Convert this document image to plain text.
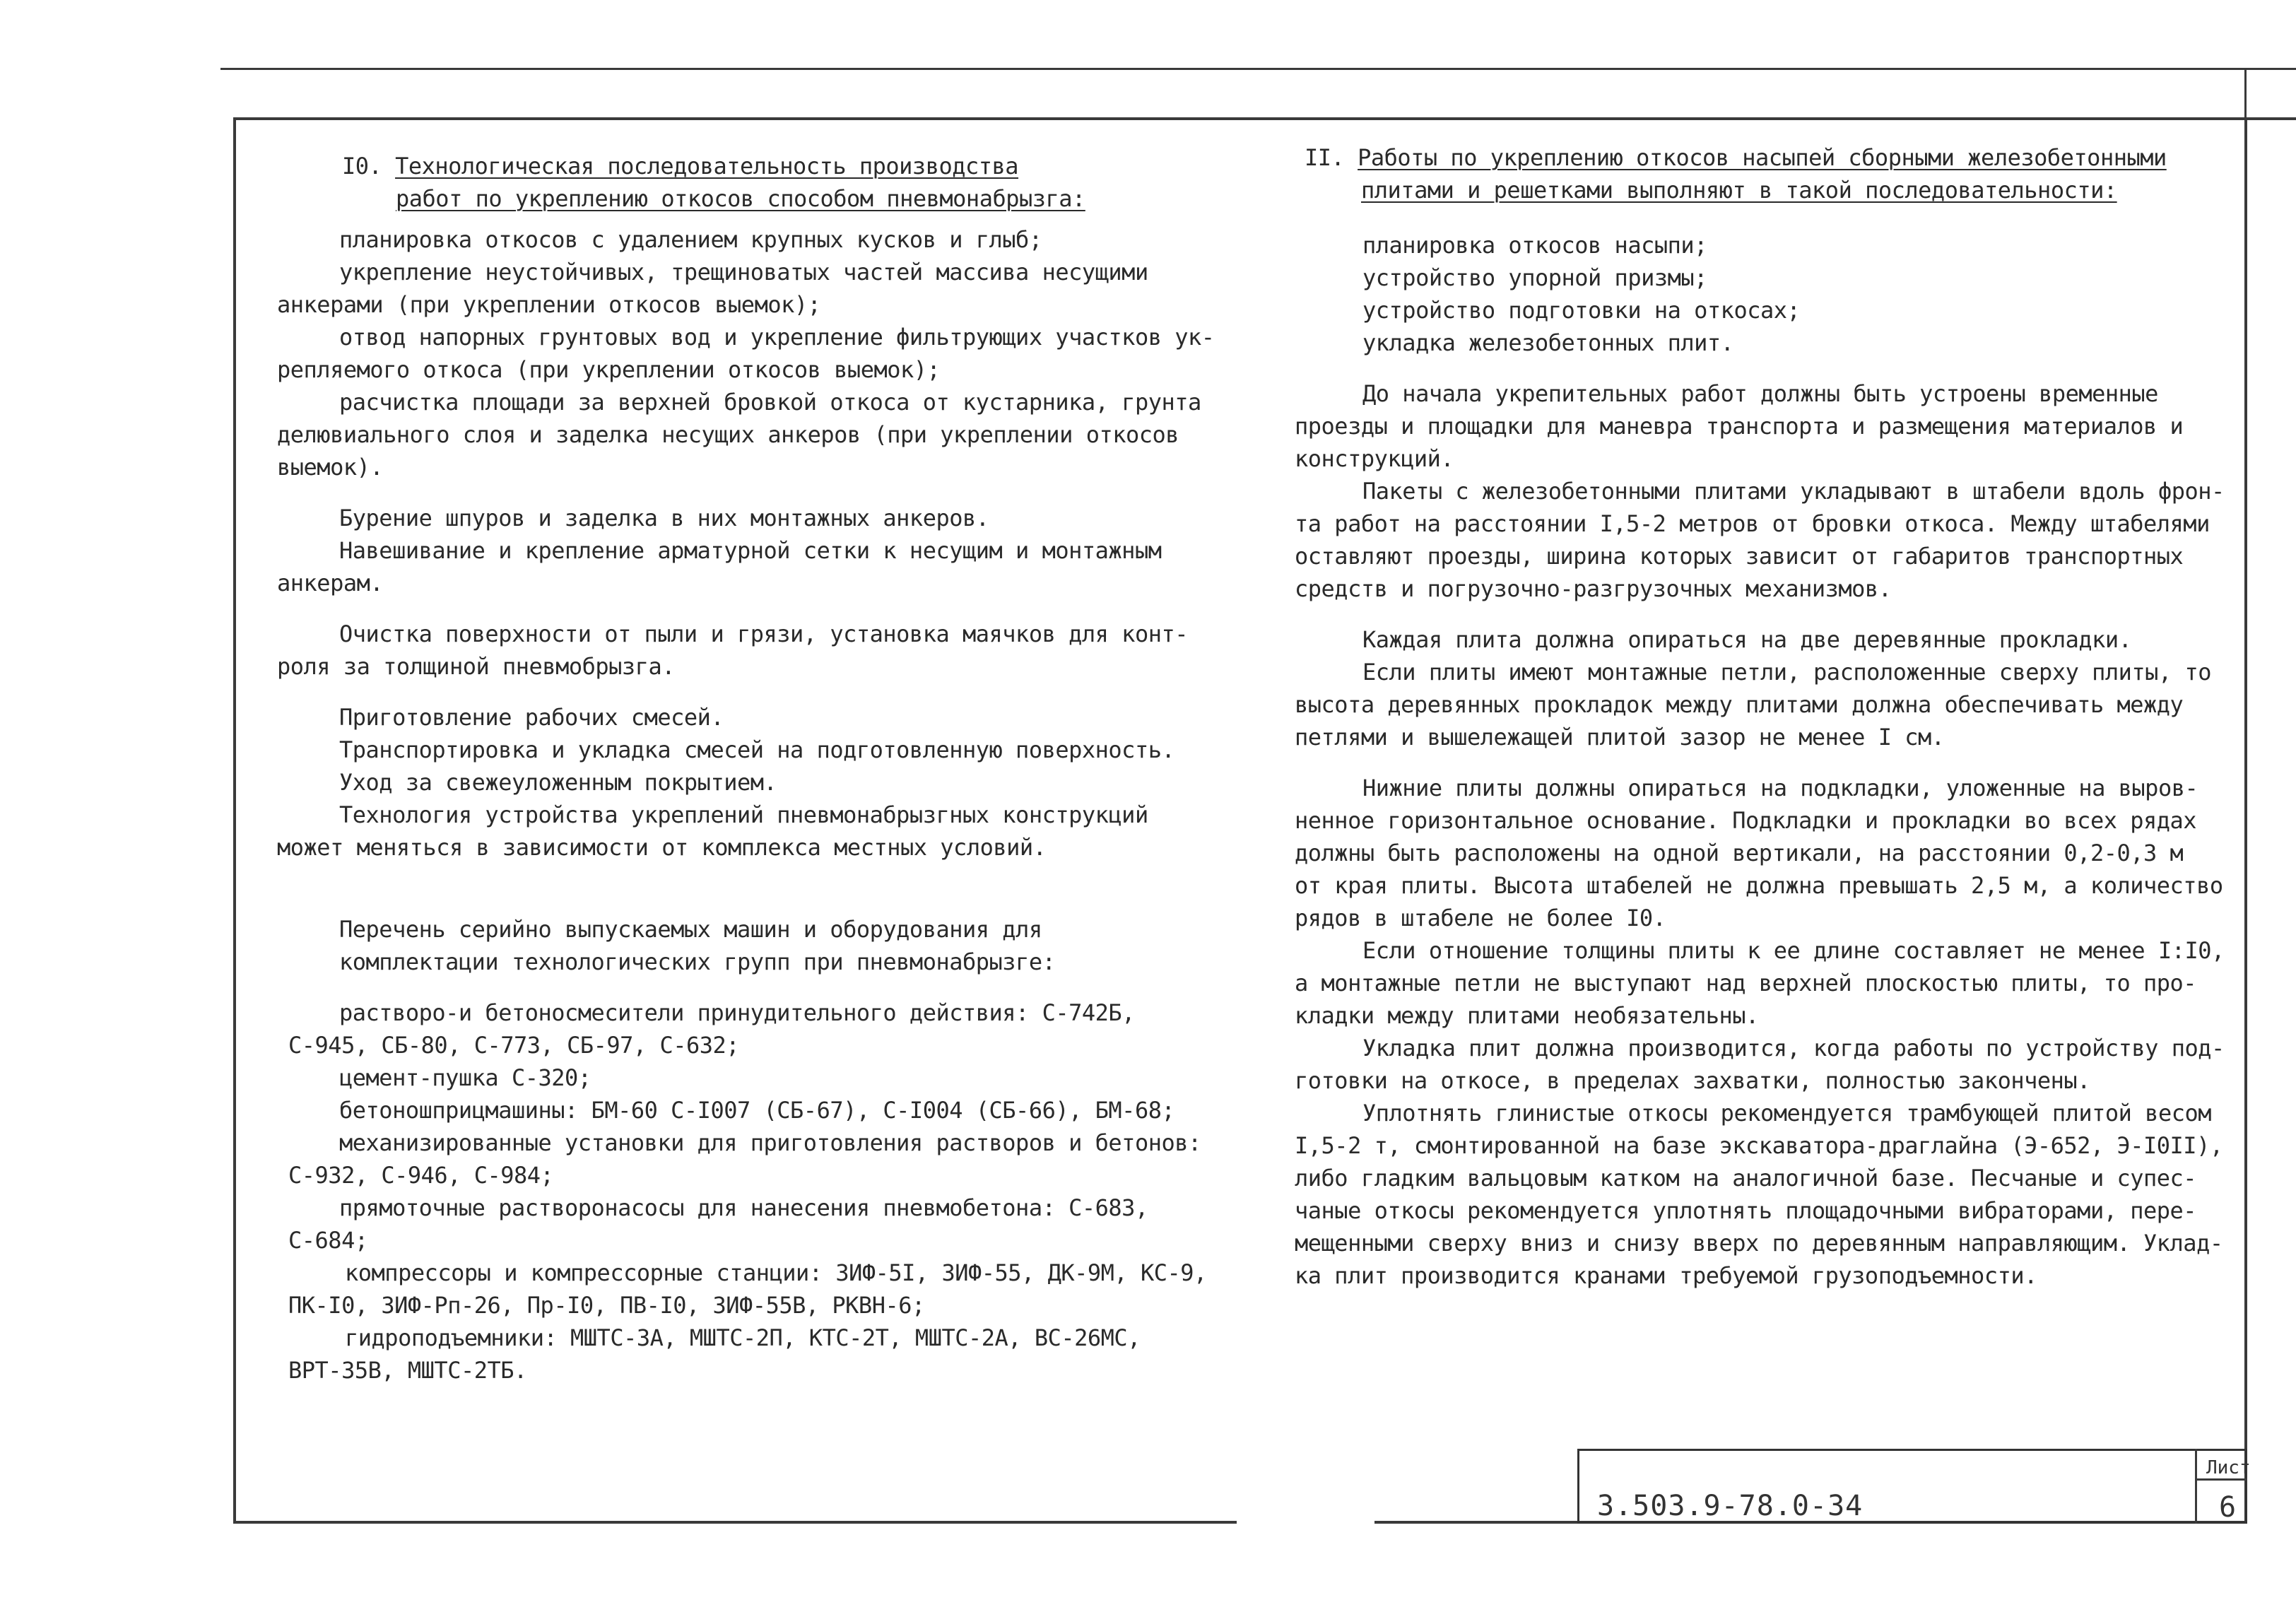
I0. Технологическая последовательность производства

работ по укреплению откосов способом пневмонабрызга:

планировка откосов с удалением крупных кусков и глыб;

укрепление неустойчивых, трещиноватых частей массива несущими

анкерами (при укреплении откосов выемок);

отвод напорных грунтовых вод и укрепление фильтрующих участков ук-

репляемого откоса (при укреплении откосов выемок);

расчистка площади за верхней бровкой откоса от кустарника, грунта

делювиального слоя и заделка несущих анкеров (при укреплении откосов

выемок).

Бурение шпуров и заделка в них монтажных анкеров.

Навешивание и крепление арматурной сетки к несущим и монтажным

анкерам.

Очистка поверхности от пыли и грязи, установка маячков для конт-

роля за толщиной пневмобрызга.

Приготовление рабочих смесей.

Транспортировка и укладка смесей на подготовленную поверхность.

Уход за свежеуложенным покрытием.

Технология устройства укреплений пневмонабрызгных конструкций

может меняться в зависимости от комплекса местных условий.

Перечень серийно выпускаемых машин и оборудования для

комплектации технологических групп при пневмонабрызге:

растворо-и бетоносмесители принудительного действия: С-742Б,

С-945, СБ-80, С-773, СБ-97, С-632;

цемент-пушка С-320;

бетоношприцмашины: БМ-60 С-I007 (СБ-67), С-I004 (СБ-66), БМ-68;

механизированные установки для приготовления растворов и бетонов:

С-932, С-946, С-984;

прямоточные растворонасосы для нанесения пневмобетона: С-683,

С-684;

компрессоры и компрессорные станции: ЗИФ-5I, ЗИФ-55, ДК-9М, КС-9,

ПК-I0, ЗИФ-Рп-26, Пр-I0, ПВ-I0, ЗИФ-55В, РКВН-6;

гидроподъемники: МШТС-3А, МШТС-2П, КТС-2Т, МШТС-2А, ВС-26МС,

ВРТ-35В, МШТС-2ТБ.

II. Работы по укреплению откосов насыпей сборными железобетонными

плитами и решетками выполняют в такой последовательности:

планировка откосов насыпи;

устройство упорной призмы;

устройство подготовки на откосах;

укладка железобетонных плит.

До начала укрепительных работ должны быть устроены временные

проезды и площадки для маневра транспорта и размещения материалов и

конструкций.

Пакеты с железобетонными плитами укладывают в штабели вдоль фрон-

та работ на расстоянии I,5-2 метров от бровки откоса. Между штабелями

оставляют проезды, ширина которых зависит от габаритов транспортных

средств и погрузочно-разгрузочных механизмов.

Каждая плита должна опираться на две деревянные прокладки.

Если плиты имеют монтажные петли, расположенные сверху плиты, то

высота деревянных прокладок между плитами должна обеспечивать между

петлями и вышележащей плитой зазор не менее I см.

Нижние плиты должны опираться на подкладки, уложенные на выров-

ненное горизонтальное основание. Подкладки и прокладки во всех рядах

должны быть расположены на одной вертикали, на расстоянии 0,2-0,3 м

от края плиты. Высота штабелей не должна превышать 2,5 м, а количество

рядов в штабеле не более I0.

Если отношение толщины плиты к ее длине составляет не менее I:I0,

а монтажные петли не выступают над верхней плоскостью плиты, то про-

кладки между плитами необязательны.

Укладка плит должна производится, когда работы по устройству под-

готовки на откосе, в пределах захватки, полностью закончены.

Уплотнять глинистые откосы рекомендуется трамбующей плитой весом

I,5-2 т, смонтированной на базе экскаватора-драглайна (Э-652, Э-I0II),

либо гладким вальцовым катком на аналогичной базе. Песчаные и супес-

чаные откосы рекомендуется уплотнять площадочными вибраторами, пере-

мещенными сверху вниз и снизу вверх по деревянным направляющим. Уклад-

ка плит производится кранами требуемой грузоподъемности.

3.503.9-78.0-34
Лист
6
